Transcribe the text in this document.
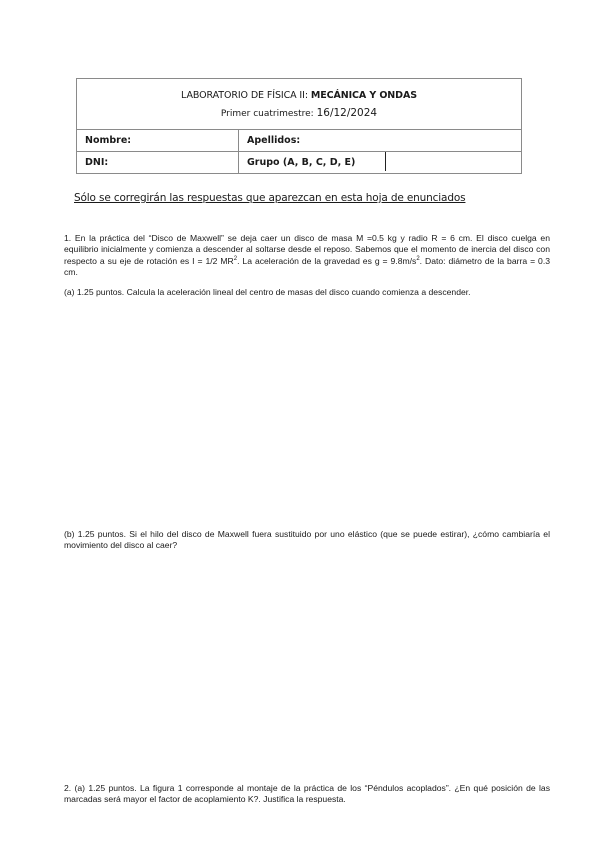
LABORATORIO DE FÍSICA II: MECÁNICA Y ONDAS
Primer cuatrimestre: 16/12/2024	

Nombre:	Apellidos:
DNI:	Grupo (A, B, C, D, E)
Sólo se corregirán las respuestas que aparezcan en esta hoja de enunciados
1. En la práctica del “Disco de Maxwell” se deja caer un disco de masa M =0.5 kg y radio R = 6 cm. El disco cuelga en equilibrio inicialmente y comienza a descender al soltarse desde el reposo. Sabemos que el momento de inercia del disco con respecto a su eje de rotación es I = 1/2 $MR^2$. La aceleración de la gravedad es $g = 9.8m/s^2$. Dato: diámetro de la barra = 0.3 cm.
(a) 1.25 puntos. Calcula la aceleración lineal del centro de masas del disco cuando comienza a descender.
(b) 1.25 puntos. Si el hilo del disco de Maxwell fuera sustituido por uno elástico (que se puede estirar), ¿cómo cambiaría el movimiento del disco al caer?
2. (a) 1.25 puntos. La figura 1 corresponde al montaje de la práctica de los “Péndulos acoplados”. ¿En qué posición de las marcadas será mayor el factor de acoplamiento K?. Justifica la respuesta.
